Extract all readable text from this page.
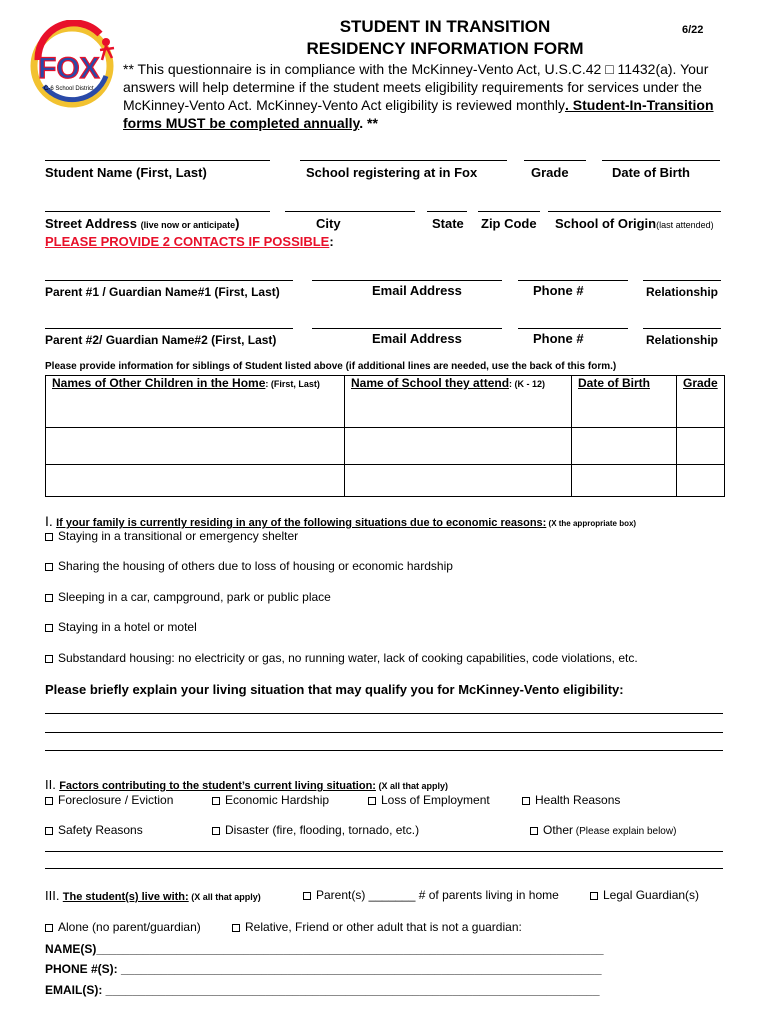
FOX
C-6 School District
STUDENT IN TRANSITION
RESIDENCY INFORMATION FORM
6/22
** This questionnaire is in compliance with the McKinney-Vento Act, U.S.C.42 □ 11432(a). Your answers will help determine if the student meets eligibility requirements for services under the McKinney-Vento Act. McKinney-Vento Act eligibility is reviewed monthly. Student-In-Transition forms MUST be completed annually. **
Student Name (First, Last)	School registering at in Fox	Grade	Date of Birth
Street Address (live now or anticipate)	City	State Zip Code School of Origin(last attended)
PLEASE PROVIDE 2 CONTACTS IF POSSIBLE:
Parent #1 / Guardian Name#1 (First, Last)	Email Address	Phone #	Relationship
Parent #2/ Guardian Name#2 (First, Last)	Email Address	Phone #	Relationship
Please provide information for siblings of Student listed above (if additional lines are needed, use the back of this form.)
Names of Other Children in the Home: (First, Last)	Name of School they attend: (K - 12)	Date of Birth	Grade

I. If your family is currently residing in any of the following situations due to economic reasons: (X the appropriate box)
Staying in a transitional or emergency shelter
Sharing the housing of others due to loss of housing or economic hardship
Sleeping in a car, campground, park or public place
Staying in a hotel or motel
Substandard housing: no electricity or gas, no running water, lack of cooking capabilities, code violations, etc.
Please briefly explain your living situation that may qualify you for McKinney-Vento eligibility:
II. Factors contributing to the student’s current living situation: (X all that apply)
Foreclosure / Eviction	Economic Hardship	Loss of Employment	Health Reasons
Safety Reasons	Disaster (fire, flooding, tornado, etc.)	Other (Please explain below)
III. The student(s) live with: (X all that apply)	Parent(s) _______ # of parents living in home	Legal Guardian(s)
Alone (no parent/guardian)	Relative, Friend or other adult that is not a guardian:
NAME(S)____________________________________________________________________________
PHONE #(S): ________________________________________________________________________
EMAIL(S): __________________________________________________________________________
